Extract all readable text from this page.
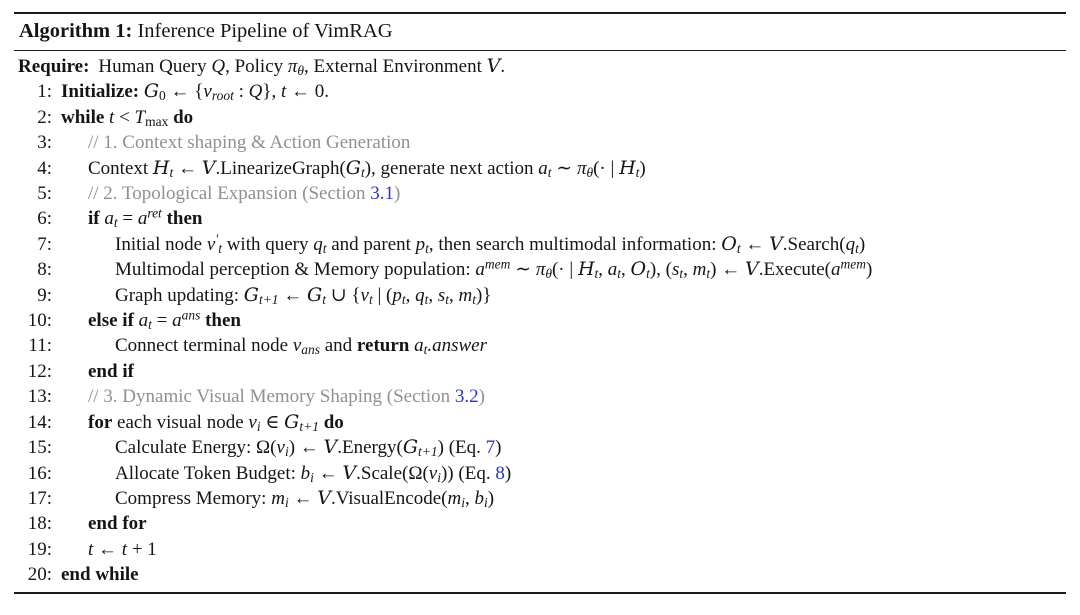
Algorithm 1: Inference Pipeline of VimRAG
Require: Human Query Q, Policy $\pi_\theta$, External Environment V.
1: Initialize: $G_0$ ← {$v_{root}$ : Q}, t ← 0.
2: while $t < T_{max}$ do
3:	// 1. Context shaping & Action Generation
4:	Context $H_t$ ← $V.LinearizeGraph(G_t)$, generate next action $a_t$ ∼ $\pi_\theta(\cdot$ | $H_t$)
5:	// 2. Topological Expansion (Section 3.1)
6:	if $a_t = a^{ret}$ then
7:	Initial node $v'_t$ with query $q_t$ and parent $p_t$, then search multimodal information: $O_t$ ← $V.Search(q_t)$
8:	Multimodal perception & Memory population: $a^{mem}$ ∼ $\pi_\theta(\cdot$ | $H_t$, $a_t$, $O_t$), ($s_t$, $m_t$) ← $V.Execute(a^{mem})$
9:	Graph updating: $G_{t+1}$ ← $G_t$ ∪ {$v_t$ | ($p_t$, $q_t$, $s_t$, $m_t$)}
10:	else if $a_t = a^{ans}$ then
11:	Connect terminal node $v_{ans}$ and return $a_t.answer$
12:	end if
13:	// 3. Dynamic Visual Memory Shaping (Section 3.2)
14:	for each visual node $v_i$ ∈ $G_{t+1}$ do
15:	Calculate Energy: $\Omega(v_i)$ ← $V.Energy(G_{t+1})$ (Eq. 7)
16:	Allocate Token Budget: $b_i$ ← $V.Scale(\Omega(v_i))$ (Eq. 8)
17:	Compress Memory: $m_i$ ← $V.VisualEncode(m_i$, $b_i$)
18:	end for
19:	t ← t + 1
20: end while
